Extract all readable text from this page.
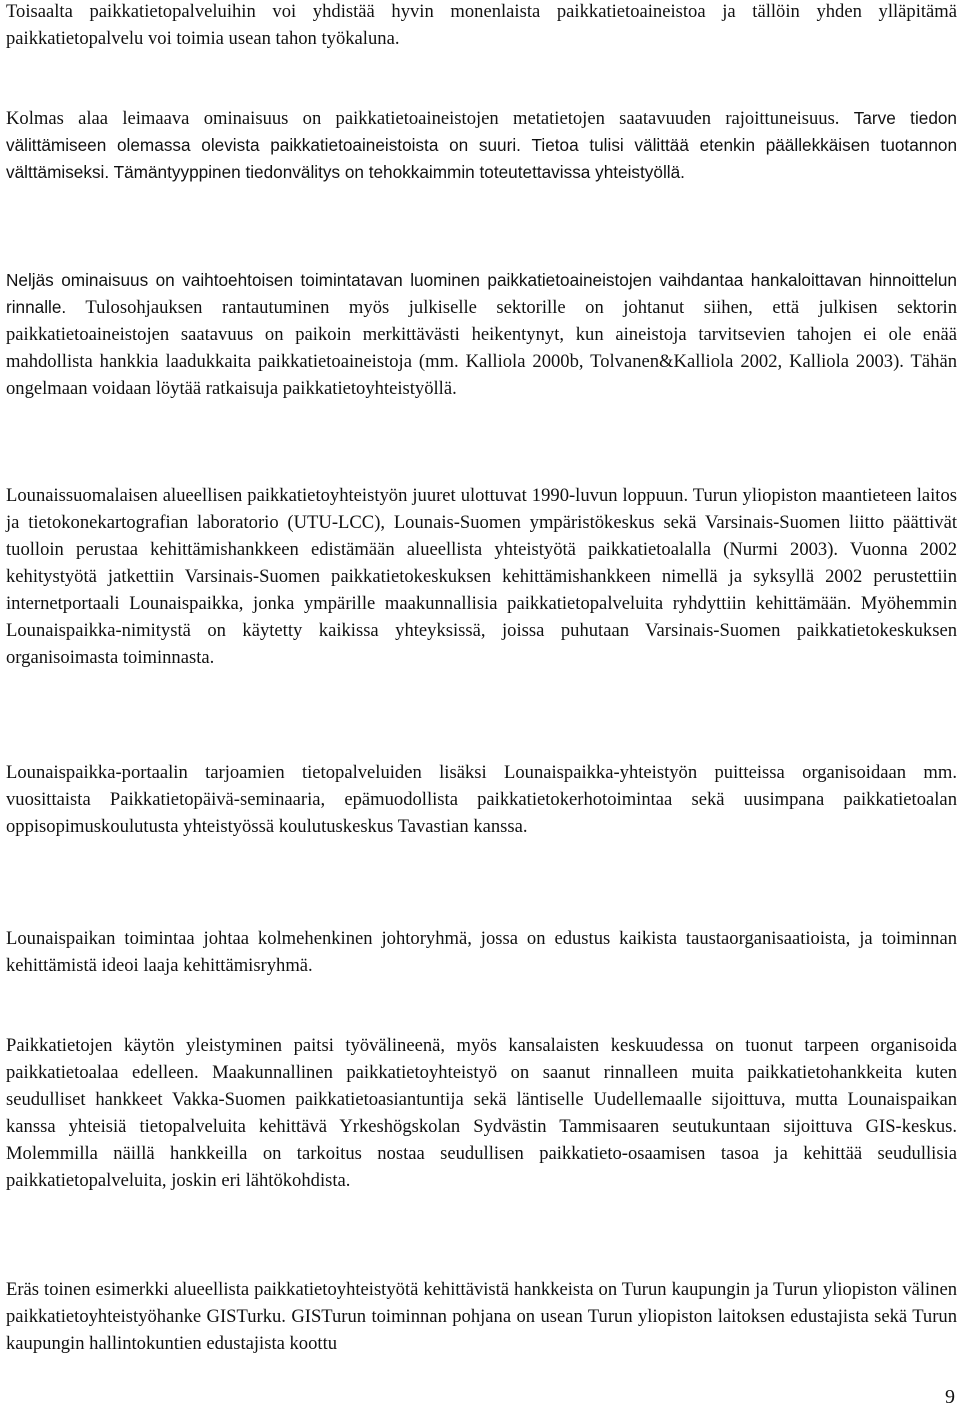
Toisaalta paikkatietopalveluihin voi yhdistää hyvin monenlaista paikkatietoaineistoa ja tällöin yhden ylläpitämä paikkatietopalvelu voi toimia usean tahon työkaluna.

Kolmas alaa leimaava ominaisuus on paikkatietoaineistojen metatietojen saatavuuden rajoittuneisuus. Tarve tiedon välittämiseen olemassa olevista paikkatietoaineistoista on suuri. Tietoa tulisi välittää etenkin päällekkäisen tuotannon välttämiseksi. Tämäntyyppinen tiedonvälitys on tehokkaimmin toteutettavissa yhteistyöllä.

Neljäs ominaisuus on vaihtoehtoisen toimintatavan luominen paikkatietoaineistojen vaihdantaa hankaloittavan hinnoittelun rinnalle. Tulosohjauksen rantautuminen myös julkiselle sektorille on johtanut siihen, että julkisen sektorin paikkatietoaineistojen saatavuus on paikoin merkittävästi heikentynyt, kun aineistoja tarvitsevien tahojen ei ole enää mahdollista hankkia laadukkaita paikkatietoaineistoja (mm. Kalliola 2000b, Tolvanen&Kalliola 2002, Kalliola 2003). Tähän ongelmaan voidaan löytää ratkaisuja paikkatietoyhteistyöllä.

Lounaissuomalaisen alueellisen paikkatietoyhteistyön juuret ulottuvat 1990-luvun loppuun. Turun yliopiston maantieteen laitos ja tietokonekartografian laboratorio (UTU-LCC), Lounais-Suomen ympäristökeskus sekä Varsinais-Suomen liitto päättivät tuolloin perustaa kehittämishankkeen edistämään alueellista yhteistyötä paikkatietoalalla (Nurmi 2003). Vuonna 2002 kehitystyötä jatkettiin Varsinais-Suomen paikkatietokeskuksen kehittämishankkeen nimellä ja syksyllä 2002 perustettiin internetportaali Lounaispaikka, jonka ympärille maakunnallisia paikkatietopalveluita ryhdyttiin kehittämään. Myöhemmin Lounaispaikka-nimitystä on käytetty kaikissa yhteyksissä, joissa puhutaan Varsinais-Suomen paikkatietokeskuksen organisoimasta toiminnasta.

Lounaispaikka-portaalin tarjoamien tietopalveluiden lisäksi Lounaispaikka-yhteistyön puitteissa organisoidaan mm. vuosittaista Paikkatietopäivä-seminaaria, epämuodollista paikkatietokerhotoimintaa sekä uusimpana paikkatietoalan oppisopimuskoulutusta yhteistyössä koulutuskeskus Tavastian kanssa.

Lounaispaikan toimintaa johtaa kolmehenkinen johtoryhmä, jossa on edustus kaikista taustaorganisaatioista, ja toiminnan kehittämistä ideoi laaja kehittämisryhmä.

Paikkatietojen käytön yleistyminen paitsi työvälineenä, myös kansalaisten keskuudessa on tuonut tarpeen organisoida paikkatietoalaa edelleen. Maakunnallinen paikkatietoyhteistyö on saanut rinnalleen muita paikkatietohankkeita kuten seudulliset hankkeet Vakka-Suomen paikkatietoasiantuntija sekä läntiselle Uudellemaalle sijoittuva, mutta Lounaispaikan kanssa yhteisiä tietopalveluita kehittävä Yrkeshögskolan Sydvästin Tammisaaren seutukuntaan sijoittuva GIS-keskus. Molemmilla näillä hankkeilla on tarkoitus nostaa seudullisen paikkatieto-osaamisen tasoa ja kehittää seudullisia paikkatietopalveluita, joskin eri lähtökohdista.

Eräs toinen esimerkki alueellista paikkatietoyhteistyötä kehittävistä hankkeista on Turun kaupungin ja Turun yliopiston välinen paikkatietoyhteistyöhanke GISTurku. GISTurun toiminnan pohjana on usean Turun yliopiston laitoksen edustajista sekä Turun kaupungin hallintokuntien edustajista koottu

9
